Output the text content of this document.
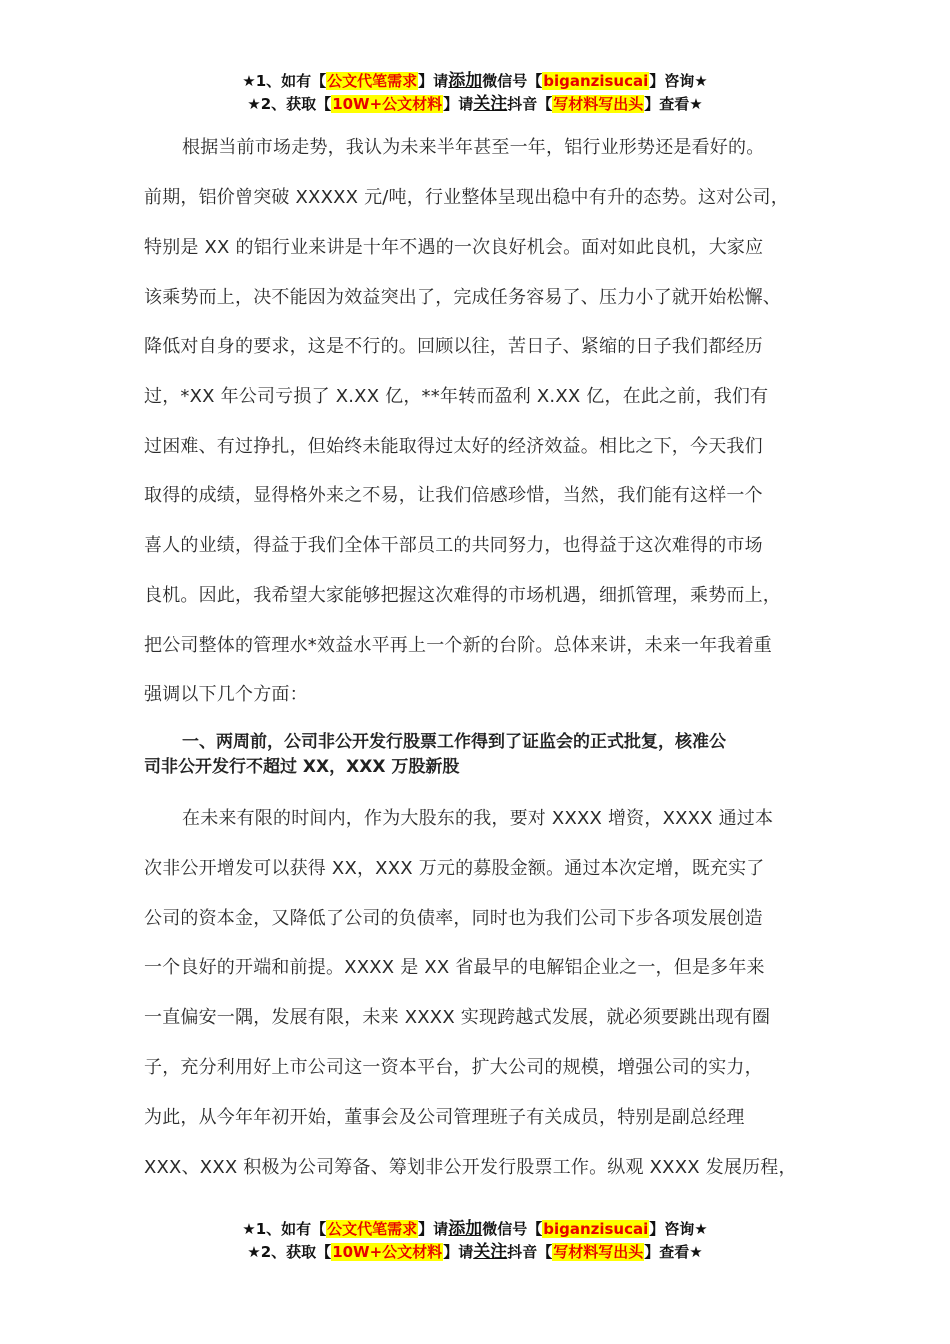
★1、如有【公文代笔需求】请添加微信号【biganzisucai】咨询★
★2、获取【10W+公文材料】请关注抖音【写材料写出头】查看★
根据当前市场走势，我认为未来半年甚至一年，铝行业形势还是看好的。
前期，铝价曾突破 XXXXX 元/吨，行业整体呈现出稳中有升的态势。这对公司，
特别是 XX 的铝行业来讲是十年不遇的一次良好机会。面对如此良机，大家应
该乘势而上，决不能因为效益突出了，完成任务容易了、压力小了就开始松懈、
降低对自身的要求，这是不行的。回顾以往，苦日子、紧缩的日子我们都经历
过，*XX 年公司亏损了 X.XX 亿，**年转而盈利 X.XX 亿，在此之前，我们有
过困难、有过挣扎，但始终未能取得过太好的经济效益。相比之下，今天我们
取得的成绩，显得格外来之不易，让我们倍感珍惜，当然，我们能有这样一个
喜人的业绩，得益于我们全体干部员工的共同努力，也得益于这次难得的市场
良机。因此，我希望大家能够把握这次难得的市场机遇，细抓管理，乘势而上，
把公司整体的管理水*效益水平再上一个新的台阶。总体来讲，未来一年我着重
强调以下几个方面：
一、两周前，公司非公开发行股票工作得到了证监会的正式批复，核准公
司非公开发行不超过 XX，XXX 万股新股
在未来有限的时间内，作为大股东的我，要对 XXXX 增资，XXXX 通过本
次非公开增发可以获得 XX，XXX 万元的募股金额。通过本次定增，既充实了
公司的资本金，又降低了公司的负债率，同时也为我们公司下步各项发展创造
一个良好的开端和前提。XXXX 是 XX 省最早的电解铝企业之一，但是多年来
一直偏安一隅，发展有限，未来 XXXX 实现跨越式发展，就必须要跳出现有圈
子，充分利用好上市公司这一资本平台，扩大公司的规模，增强公司的实力，
为此，从今年年初开始，董事会及公司管理班子有关成员，特别是副总经理
XXX、XXX 积极为公司筹备、筹划非公开发行股票工作。纵观 XXXX 发展历程，
★1、如有【公文代笔需求】请添加微信号【biganzisucai】咨询★
★2、获取【10W+公文材料】请关注抖音【写材料写出头】查看★
